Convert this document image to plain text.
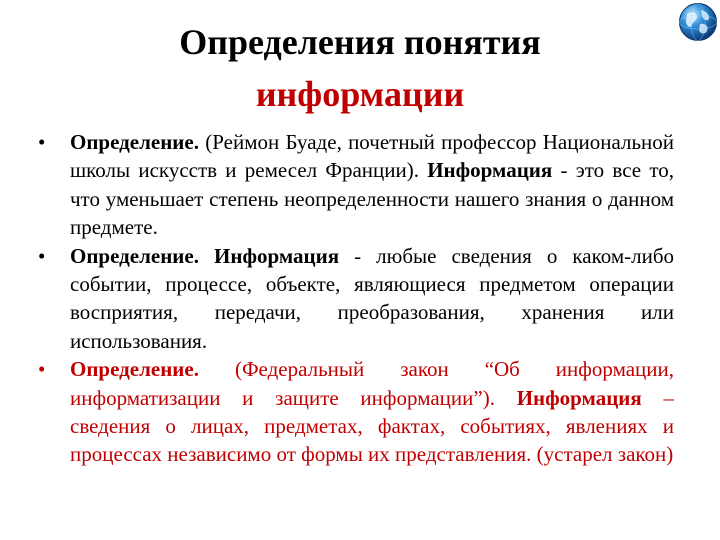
Определения понятия
информации
• Определение. (Реймон Буаде, почетный профессор Национальной школы искусств и ремесел Франции). Информация - это все то, что уменьшает степень неопределенности нашего знания о данном предмете.
• Определение. Информация - любые сведения о каком-либо событии, процессе, объекте, являющиеся предметом операции восприятия, передачи, преобразования, хранения или использования.
• Определение. (Федеральный закон “Об информации, информатизации и защите информации”). Информация – сведения о лицах, предметах, фактах, событиях, явлениях и процессах независимо от формы их представления. (устарел закон)
